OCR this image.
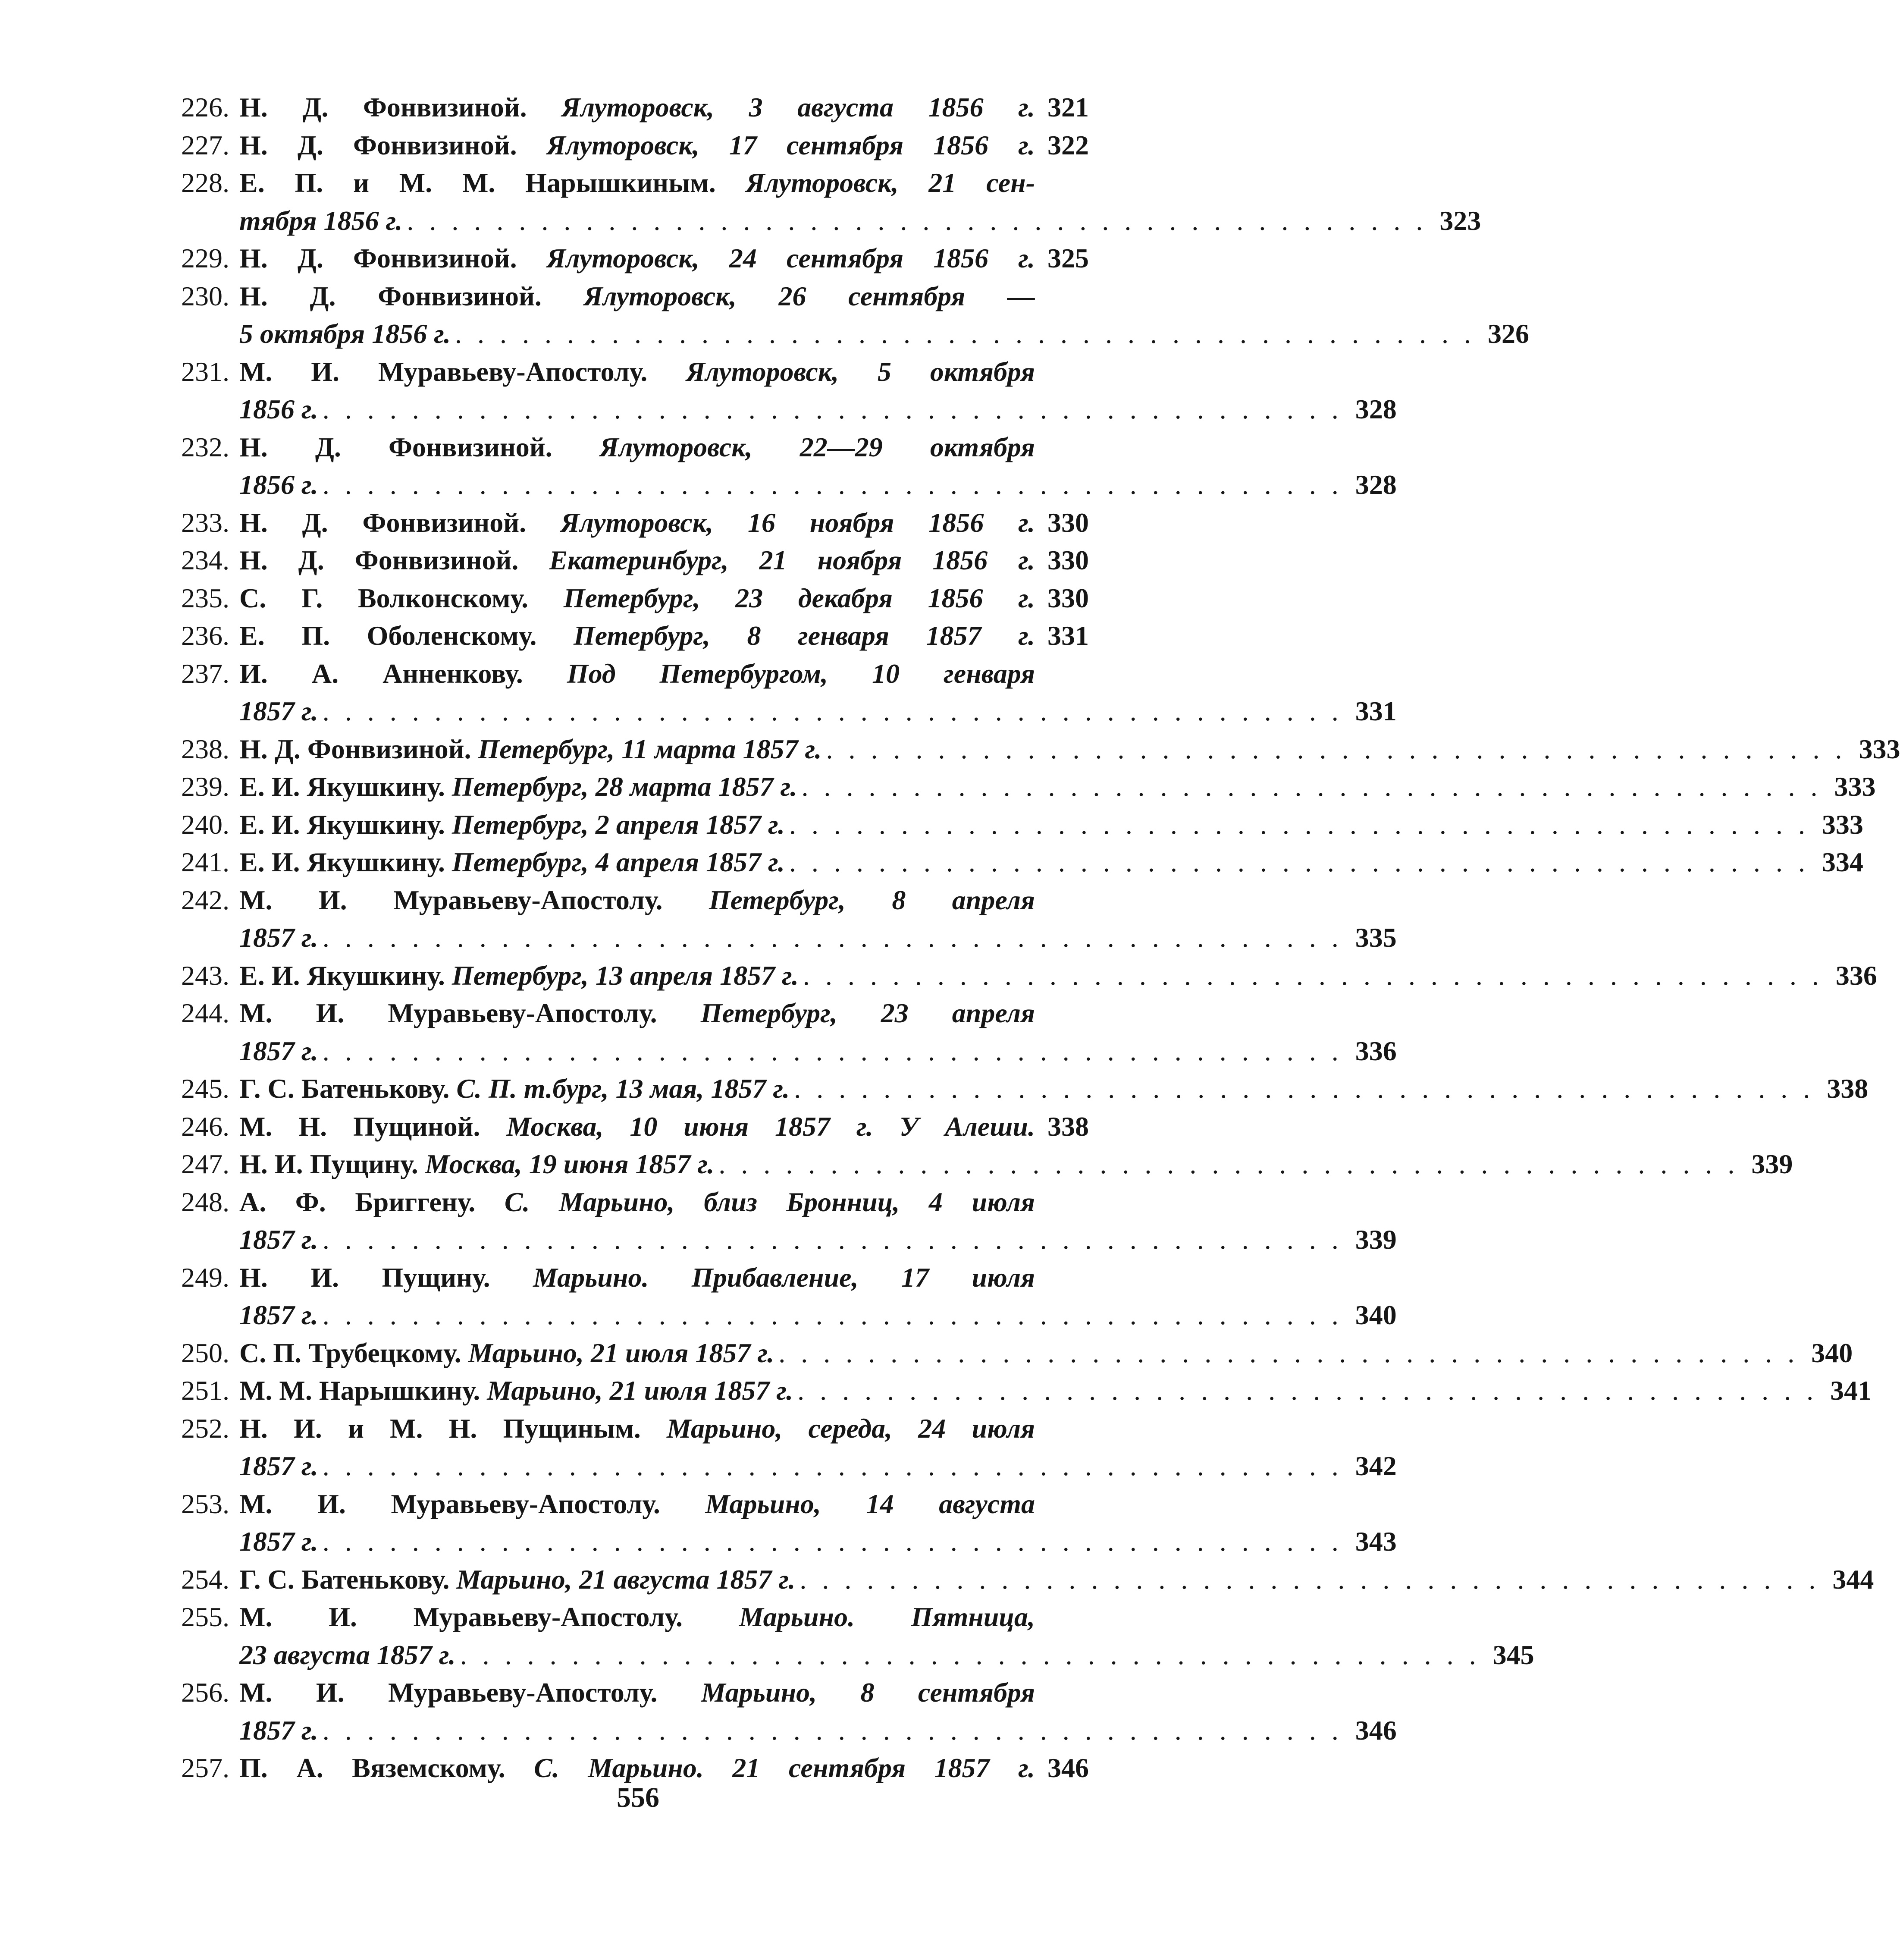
226. Н. Д. Фонвизиной. Ялуторовск, 3 августа 1856 г. 321
227. Н. Д. Фонвизиной. Ялуторовск, 17 сентября 1856 г. 322
228. Е. П. и М. М. Нарышкиным. Ялуторовск, 21 сен-
тября 1856 г. . . . . . . . . . . . . . . . . . . . . . . . . . . . . . . . . . . . . . . . . . . . . . . 323
229. Н. Д. Фонвизиной. Ялуторовск, 24 сентября 1856 г. 325
230. Н. Д. Фонвизиной. Ялуторовск, 26 сентября —
5 октября 1856 г. . . . . . . . . . . . . . . . . . . . . . . . . . . . . . . . . . . . . . . . . . . . . . . 326
231. М. И. Муравьеву-Апостолу. Ялуторовск, 5 октября
1856 г. . . . . . . . . . . . . . . . . . . . . . . . . . . . . . . . . . . . . . . . . . . . . . . 328
232. Н. Д. Фонвизиной. Ялуторовск, 22—29 октября
1856 г. . . . . . . . . . . . . . . . . . . . . . . . . . . . . . . . . . . . . . . . . . . . . . . 328
233. Н. Д. Фонвизиной. Ялуторовск, 16 ноября 1856 г. 330
234. Н. Д. Фонвизиной. Екатеринбург, 21 ноября 1856 г. 330
235. С. Г. Волконскому. Петербург, 23 декабря 1856 г. 330
236. Е. П. Оболенскому. Петербург, 8 генваря 1857 г. 331
237. И. А. Анненкову. Под Петербургом, 10 генваря
1857 г. . . . . . . . . . . . . . . . . . . . . . . . . . . . . . . . . . . . . . . . . . . . . . . 331
238. Н. Д. Фонвизиной. Петербург, 11 марта 1857 г. . . . . . . . . . . . . . . . . . . . . . . . . . . . . . . . . . . . . . . . . . . . . . . 333
239. Е. И. Якушкину. Петербург, 28 марта 1857 г. . . . . . . . . . . . . . . . . . . . . . . . . . . . . . . . . . . . . . . . . . . . . . . 333
240. Е. И. Якушкину. Петербург, 2 апреля 1857 г. . . . . . . . . . . . . . . . . . . . . . . . . . . . . . . . . . . . . . . . . . . . . . . 333
241. Е. И. Якушкину. Петербург, 4 апреля 1857 г. . . . . . . . . . . . . . . . . . . . . . . . . . . . . . . . . . . . . . . . . . . . . . . 334
242. М. И. Муравьеву-Апостолу. Петербург, 8 апреля
1857 г. . . . . . . . . . . . . . . . . . . . . . . . . . . . . . . . . . . . . . . . . . . . . . . 335
243. Е. И. Якушкину. Петербург, 13 апреля 1857 г. . . . . . . . . . . . . . . . . . . . . . . . . . . . . . . . . . . . . . . . . . . . . . . 336
244. М. И. Муравьеву-Апостолу. Петербург, 23 апреля
1857 г. . . . . . . . . . . . . . . . . . . . . . . . . . . . . . . . . . . . . . . . . . . . . . . 336
245. Г. С. Батенькову. С. П. т.бург, 13 мая, 1857 г. . . . . . . . . . . . . . . . . . . . . . . . . . . . . . . . . . . . . . . . . . . . . . . 338
246. М. Н. Пущиной. Москва, 10 июня 1857 г. У Алеши. 338
247. Н. И. Пущину. Москва, 19 июня 1857 г. . . . . . . . . . . . . . . . . . . . . . . . . . . . . . . . . . . . . . . . . . . . . . . 339
248. А. Ф. Бриггену. С. Марьино, близ Бронниц, 4 июля
1857 г. . . . . . . . . . . . . . . . . . . . . . . . . . . . . . . . . . . . . . . . . . . . . . . 339
249. Н. И. Пущину. Марьино. Прибавление, 17 июля
1857 г. . . . . . . . . . . . . . . . . . . . . . . . . . . . . . . . . . . . . . . . . . . . . . . 340
250. С. П. Трубецкому. Марьино, 21 июля 1857 г. . . . . . . . . . . . . . . . . . . . . . . . . . . . . . . . . . . . . . . . . . . . . . . 340
251. М. М. Нарышкину. Марьино, 21 июля 1857 г. . . . . . . . . . . . . . . . . . . . . . . . . . . . . . . . . . . . . . . . . . . . . . . 341
252. Н. И. и М. Н. Пущиным. Марьино, середа, 24 июля
1857 г. . . . . . . . . . . . . . . . . . . . . . . . . . . . . . . . . . . . . . . . . . . . . . . 342
253. М. И. Муравьеву-Апостолу. Марьино, 14 августа
1857 г. . . . . . . . . . . . . . . . . . . . . . . . . . . . . . . . . . . . . . . . . . . . . . . 343
254. Г. С. Батенькову. Марьино, 21 августа 1857 г. . . . . . . . . . . . . . . . . . . . . . . . . . . . . . . . . . . . . . . . . . . . . . . 344
255. М. И. Муравьеву-Апостолу. Марьино. Пятница,
23 августа 1857 г. . . . . . . . . . . . . . . . . . . . . . . . . . . . . . . . . . . . . . . . . . . . . . . 345
256. М. И. Муравьеву-Апостолу. Марьино, 8 сентября
1857 г. . . . . . . . . . . . . . . . . . . . . . . . . . . . . . . . . . . . . . . . . . . . . . . 346
257. П. А. Вяземскому. С. Марьино. 21 сентября 1857 г. 346
556
